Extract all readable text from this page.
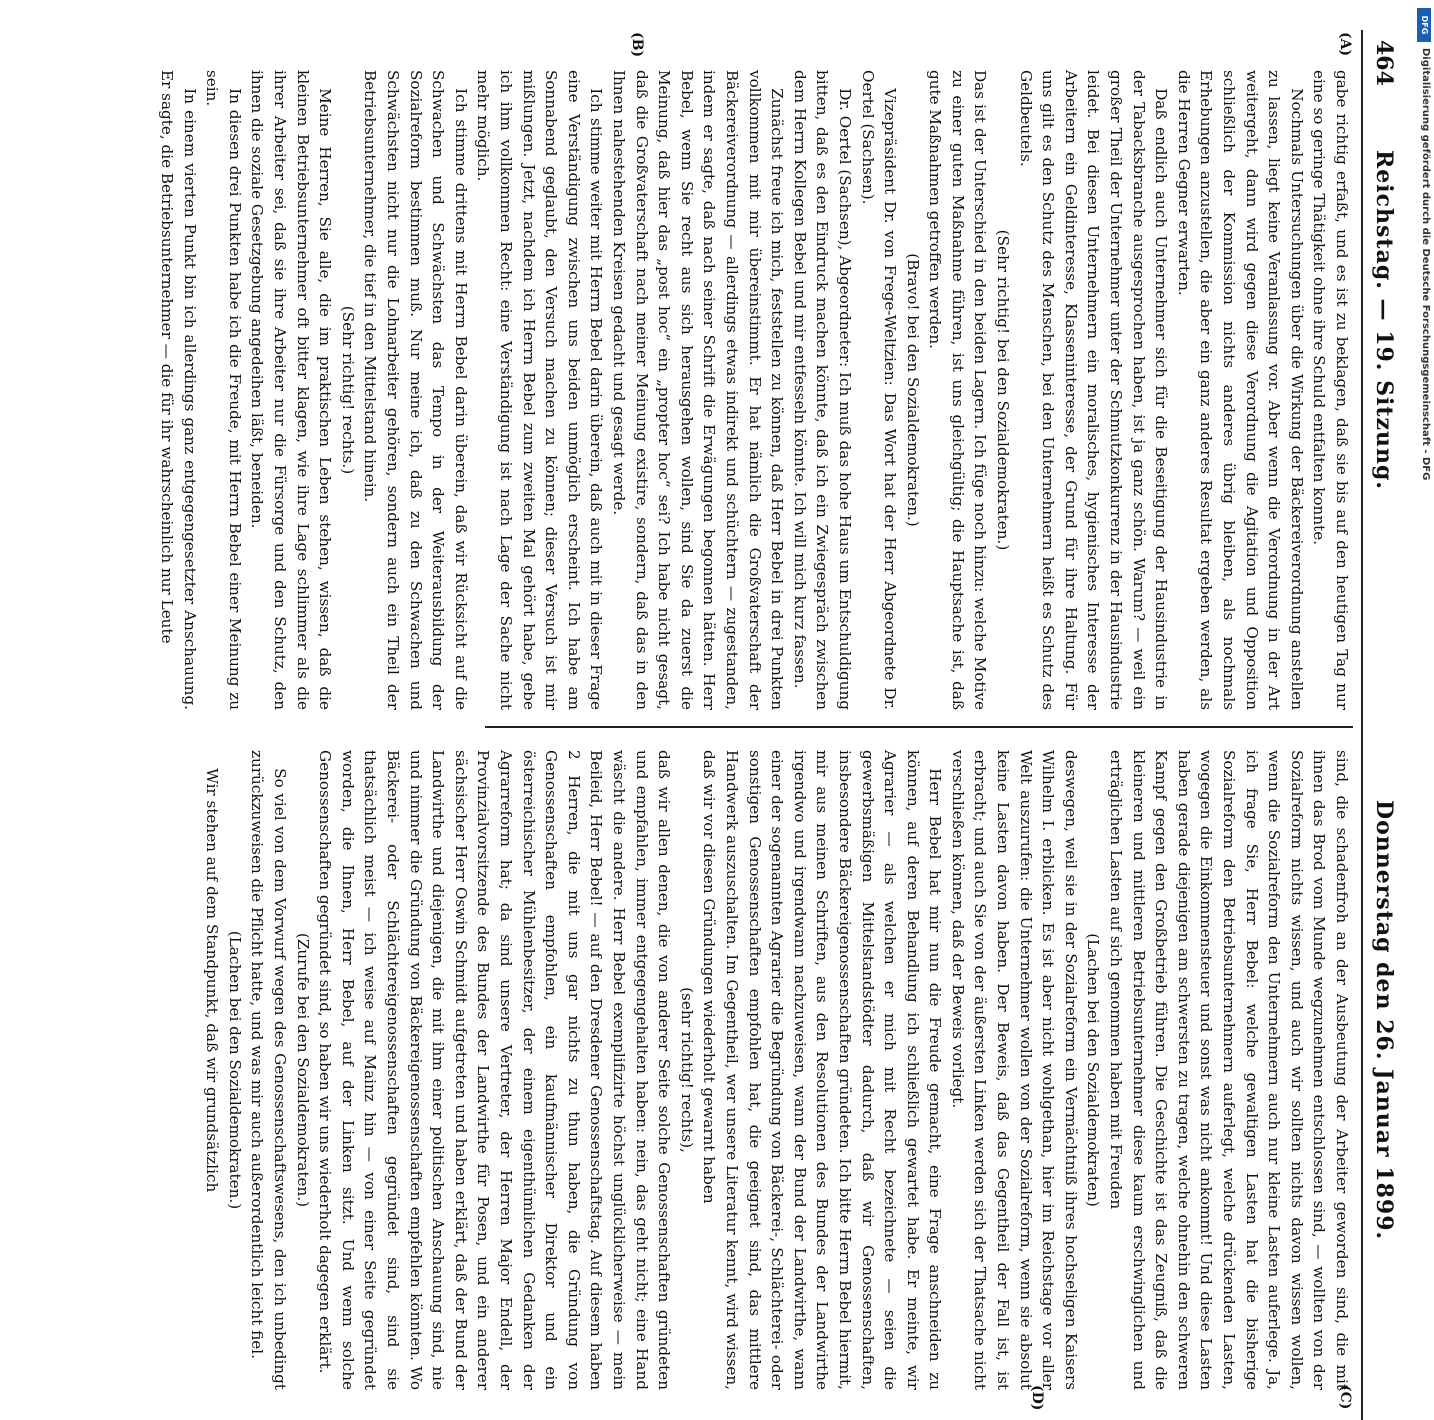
464
Reichstag. — 19. Sitzung.
Donnerstag den 26. Januar 1899.
(A)
(B)
(C)
(D)

gabe richtig erfaßt, und es ist zu beklagen, daß sie bis auf den heutigen Tag nur eine so geringe Thätigkeit ohne ihre Schuld entfalten konnte.

Nochmals Untersuchungen über die Wirkung der Bäckereiverordnung anstellen zu lassen, liegt keine Veranlassung vor. Aber wenn die Verordnung in der Art weitergeht, dann wird gegen diese Verordnung die Agitation und Opposition schließlich der Kommission nichts anderes übrig bleiben, als nochmals Erhebungen anzustellen, die aber ein ganz anderes Resultat ergeben werden, als die Herren Gegner erwarten.

Daß endlich auch Unternehmer sich für die Beseitigung der Hausindustrie in der Tabacksbranche ausgesprochen haben, ist ja ganz schön. Warum? — weil ein großer Theil der Unternehmer unter der Schmutzkonkurrenz in der Hausindustrie leidet. Bei diesen Unternehmern ein moralisches, hygienisches Interesse der Arbeitern ein Geldinteresse, Klasseninteresse, der Grund für ihre Haltung. Für uns gilt es den Schutz des Menschen, bei den Unternehmern heißt es Schutz des Geldbeutels.

(Sehr richtig! bei den Sozialdemokraten.)

Das ist der Unterschied in den beiden Lagern. Ich füge noch hinzu: welche Motive zu einer guten Maßnahme führen, ist uns gleichgültig; die Hauptsache ist, daß gute Maßnahmen getroffen werden.

(Bravo! bei den Sozialdemokraten.)

Vizepräsident Dr. von Frege-Weltzien: Das Wort hat der Herr Abgeordnete Dr. Oertel (Sachsen).

Dr. Oertel (Sachsen), Abgeordneter: Ich muß das hohe Haus um Entschuldigung bitten, daß es den Eindruck machen könnte, daß ich ein Zwiegespräch zwischen dem Herrn Kollegen Bebel und mir entfesseln könnte. Ich will mich kurz fassen.

Zunächst freue ich mich, feststellen zu können, daß Herr Bebel in drei Punkten vollkommen mit mir übereinstimmt. Er hat nämlich die Großvaterschaft der Bäckereiverordnung — allerdings etwas indirekt und schüchtern — zugestanden, indem er sagte, daß nach seiner Schrift die Erwägungen begonnen hätten. Herr Bebel, wenn Sie recht aus sich herausgehen wollen, sind Sie da zuerst die Meinung, daß hier das „post hoc“ ein „propter hoc“ sei? Ich habe nicht gesagt, daß die Großvaterschaft nach meiner Meinung existire, sondern, daß das in den Ihnen nahestehenden Kreisen gedacht und gesagt werde.

Ich stimme weiter mit Herrn Bebel darin überein, daß auch mit in dieser Frage eine Verständigung zwischen uns beiden unmöglich erscheint. Ich habe am Sonnabend geglaubt, den Versuch machen zu können; dieser Versuch ist mir mißlungen. Jetzt, nachdem ich Herrn Bebel zum zweiten Mal gehört habe, gebe ich ihm vollkommen Recht: eine Verständigung ist nach Lage der Sache nicht mehr möglich.

Ich stimme drittens mit Herrn Bebel darin überein, daß wir Rücksicht auf die Schwachen und Schwächsten das Tempo in der Weiterausbildung der Sozialreform bestimmen muß. Nur meine ich, daß zu den Schwachen und Schwächsten nicht nur die Lohnarbeiter gehören, sondern auch ein Theil der Betriebsunternehmer, die tief in den Mittelstand hinein.

(Sehr richtig! rechts.)

Meine Herren, Sie alle, die im praktischen Leben stehen, wissen, daß die kleinen Betriebsunternehmer oft bitter klagen, wie ihre Lage schlimmer als die ihrer Arbeiter sei, daß sie ihre Arbeiter nur die Fürsorge und den Schutz, den ihnen die soziale Gesetzgebung angedeihen läßt, beneiden.

In diesen drei Punkten habe ich die Freude, mit Herrn Bebel einer Meinung zu sein.

In einem vierten Punkt bin ich allerdings ganz entgegengesetzter Anschauung. Er sagte, die Betriebsunternehmer — die für ihr wahrscheinlich nur Leute

sind, die schadenfroh an der Ausbeutung der Arbeiter geworden sind, die mit ihnen das Brod vom Munde wegzunehmen entschlossen sind, — wollten von der Sozialreform nichts wissen, und auch wir sollten nichts davon wissen wollen, wenn die Sozialreform den Unternehmern auch nur kleine Lasten auferlege. Ja, ich frage Sie, Herr Bebel: welche gewaltigen Lasten hat die bisherige Sozialreform den Betriebsunternehmern auferlegt, welche drückenden Lasten, wogegen die Einkommensteuer und sonst was nicht ankommt! Und diese Lasten haben gerade diejenigen am schwersten zu tragen, welche ohnehin den schweren Kampf gegen den Großbetrieb führen. Die Geschichte ist das Zeugniß, daß die kleineren und mittleren Betriebsunternehmer diese kaum erschwinglichen und erträglichen Lasten auf sich genommen haben mit Freuden

(Lachen bei den Sozialdemokraten)

deswegen, weil sie in der Sozialreform ein Vermächtniß ihres hochseligen Kaisers Wilhelm I. erblicken. Es ist aber nicht wohlgethan, hier im Reichstage vor aller Welt auszurufen: die Unternehmer wollen von der Sozialreform, wenn sie absolut keine Lasten davon haben. Der Beweis, daß das Gegentheil der Fall ist, ist erbracht; und auch Sie von der äußersten Linken werden sich der Thatsache nicht verschließen können, daß der Beweis vorliegt.

Herr Bebel hat mir nun die Freude gemacht, eine Frage anschneiden zu können, auf deren Behandlung ich schließlich gewartet habe. Er meinte, wir Agrarier — als welchen er mich mit Recht bezeichnete — seien die gewerbsmäßigen Mittelstandstödter dadurch, daß wir Genossenschaften, insbesondere Bäckereigenossenschaften gründeten. Ich bitte Herrn Bebel hiermit, mir aus meinen Schriften, aus den Resolutionen des Bundes der Landwirthe irgendwo und irgendwann nachzuweisen, wann der Bund der Landwirthe, wann einer der sogenannten Agrarier die Begründung von Bäckerei-, Schlächterei- oder sonstigen Genossenschaften empfohlen hat, die geeignet sind, das mittlere Handwerk auszuschalten. Im Gegentheil, wer unsere Literatur kennt, wird wissen, daß wir vor diesen Gründungen wiederholt gewarnt haben

(sehr richtig! rechts),

daß wir allen denen, die von anderer Seite solche Genossenschaften gründeten und empfahlen, immer entgegengehalten haben: nein, das geht nicht; eine Hand wäscht die andere. Herr Bebel exemplifizirte höchst unglücklicherweise — mein Beileid, Herr Bebel! — auf den Dresdener Genossenschaftstag. Auf diesem haben 2 Herren, die mit uns gar nichts zu thun haben, die Gründung von Genossenschaften empfohlen, ein kaufmännischer Direktor und ein österreichischer Mühlenbesitzer, der einem eigenthümlichen Gedanken der Agrarreform hat; da sind unsere Vertreter, der Herren Major Endell, der Provinzialvorsitzende des Bundes der Landwirthe für Posen, und ein anderer sächsischer Herr Oswin Schmidt aufgetreten und haben erklärt, daß der Bund der Landwirthe und diejenigen, die mit ihm einer politischen Anschauung sind, nie und nimmer die Gründung von Bäckereigenossenschaften empfehlen könnten. Wo Bäckerei- oder Schlächtereigenossenschaften gegründet sind, sind sie thatsächlich meist — ich weise auf Mainz hin — von einer Seite gegründet worden, die Ihnen, Herr Bebel, auf der Linken sitzt. Und wenn solche Genossenschaften gegründet sind, so haben wir uns wiederholt dagegen erklärt.

(Zurufe bei den Sozialdemokraten.)

So viel von dem Vorwurf wegen des Genossenschaftswesens, den ich unbedingt zurückzuweisen die Pflicht hatte, und was mir auch außerordentlich leicht fiel.

(Lachen bei den Sozialdemokraten.)

Wir stehen auf dem Standpunkt, daß wir grundsätzlich

DFG
Digitalisierung gefördert durch die Deutsche Forschungsgemeinschaft - DFG
